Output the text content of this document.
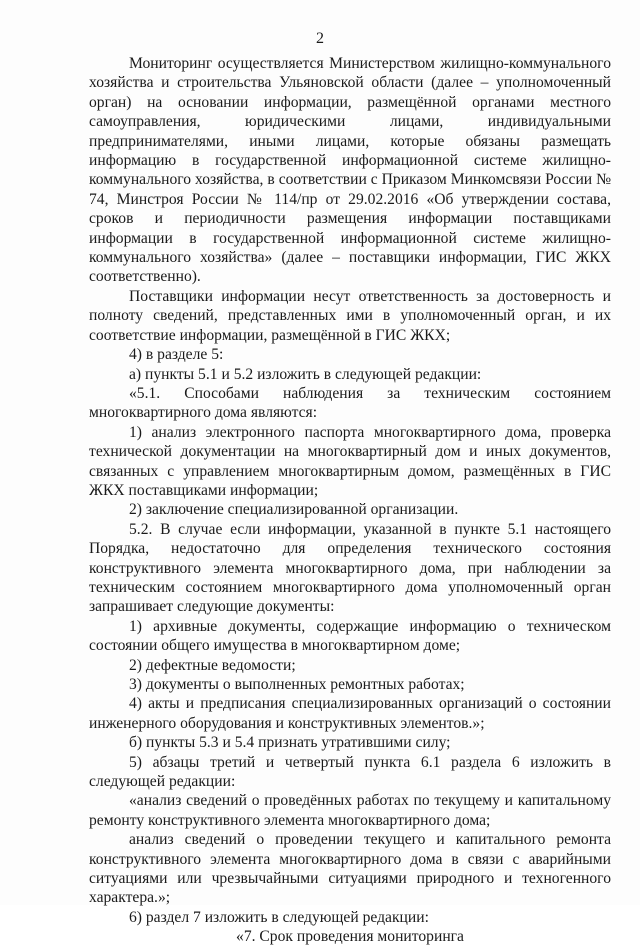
2

Мониторинг осуществляется Министерством жилищно-коммунального хозяйства и строительства Ульяновской области (далее – уполномоченный орган) на основании информации, размещённой органами местного самоуправления, юридическими лицами, индивидуальными предпринимателями, иными лицами, которые обязаны размещать информацию в государственной информационной системе жилищно-коммунального хозяйства, в соответствии с Приказом Минкомсвязи России № 74, Минстроя России № 114/пр от 29.02.2016 «Об утверждении состава, сроков и периодичности размещения информации поставщиками информации в государственной информационной системе жилищно-коммунального хозяйства» (далее – поставщики информации, ГИС ЖКХ соответственно).

Поставщики информации несут ответственность за достоверность и полноту сведений, представленных ими в уполномоченный орган, и их соответствие информации, размещённой в ГИС ЖКХ;

4) в разделе 5:

а) пункты 5.1 и 5.2 изложить в следующей редакции:

«5.1. Способами наблюдения за техническим состоянием многоквартирного дома являются:

1) анализ электронного паспорта многоквартирного дома, проверка технической документации на многоквартирный дом и иных документов, связанных с управлением многоквартирным домом, размещённых в ГИС ЖКХ поставщиками информации;

2) заключение специализированной организации.

5.2. В случае если информации, указанной в пункте 5.1 настоящего Порядка, недостаточно для определения технического состояния конструктивного элемента многоквартирного дома, при наблюдении за техническим состоянием многоквартирного дома уполномоченный орган запрашивает следующие документы:

1) архивные документы, содержащие информацию о техническом состоянии общего имущества в многоквартирном доме;

2) дефектные ведомости;

3) документы о выполненных ремонтных работах;

4) акты и предписания специализированных организаций о состоянии инженерного оборудования и конструктивных элементов.»;

б) пункты 5.3 и 5.4 признать утратившими силу;

5) абзацы третий и четвертый пункта 6.1 раздела 6 изложить в следующей редакции:

«анализ сведений о проведённых работах по текущему и капитальному ремонту конструктивного элемента многоквартирного дома;

анализ сведений о проведении текущего и капитального ремонта конструктивного элемента многоквартирного дома в связи с аварийными ситуациями или чрезвычайными ситуациями природного и техногенного характера.»;

6) раздел 7 изложить в следующей редакции:

«7. Срок проведения мониторинга
